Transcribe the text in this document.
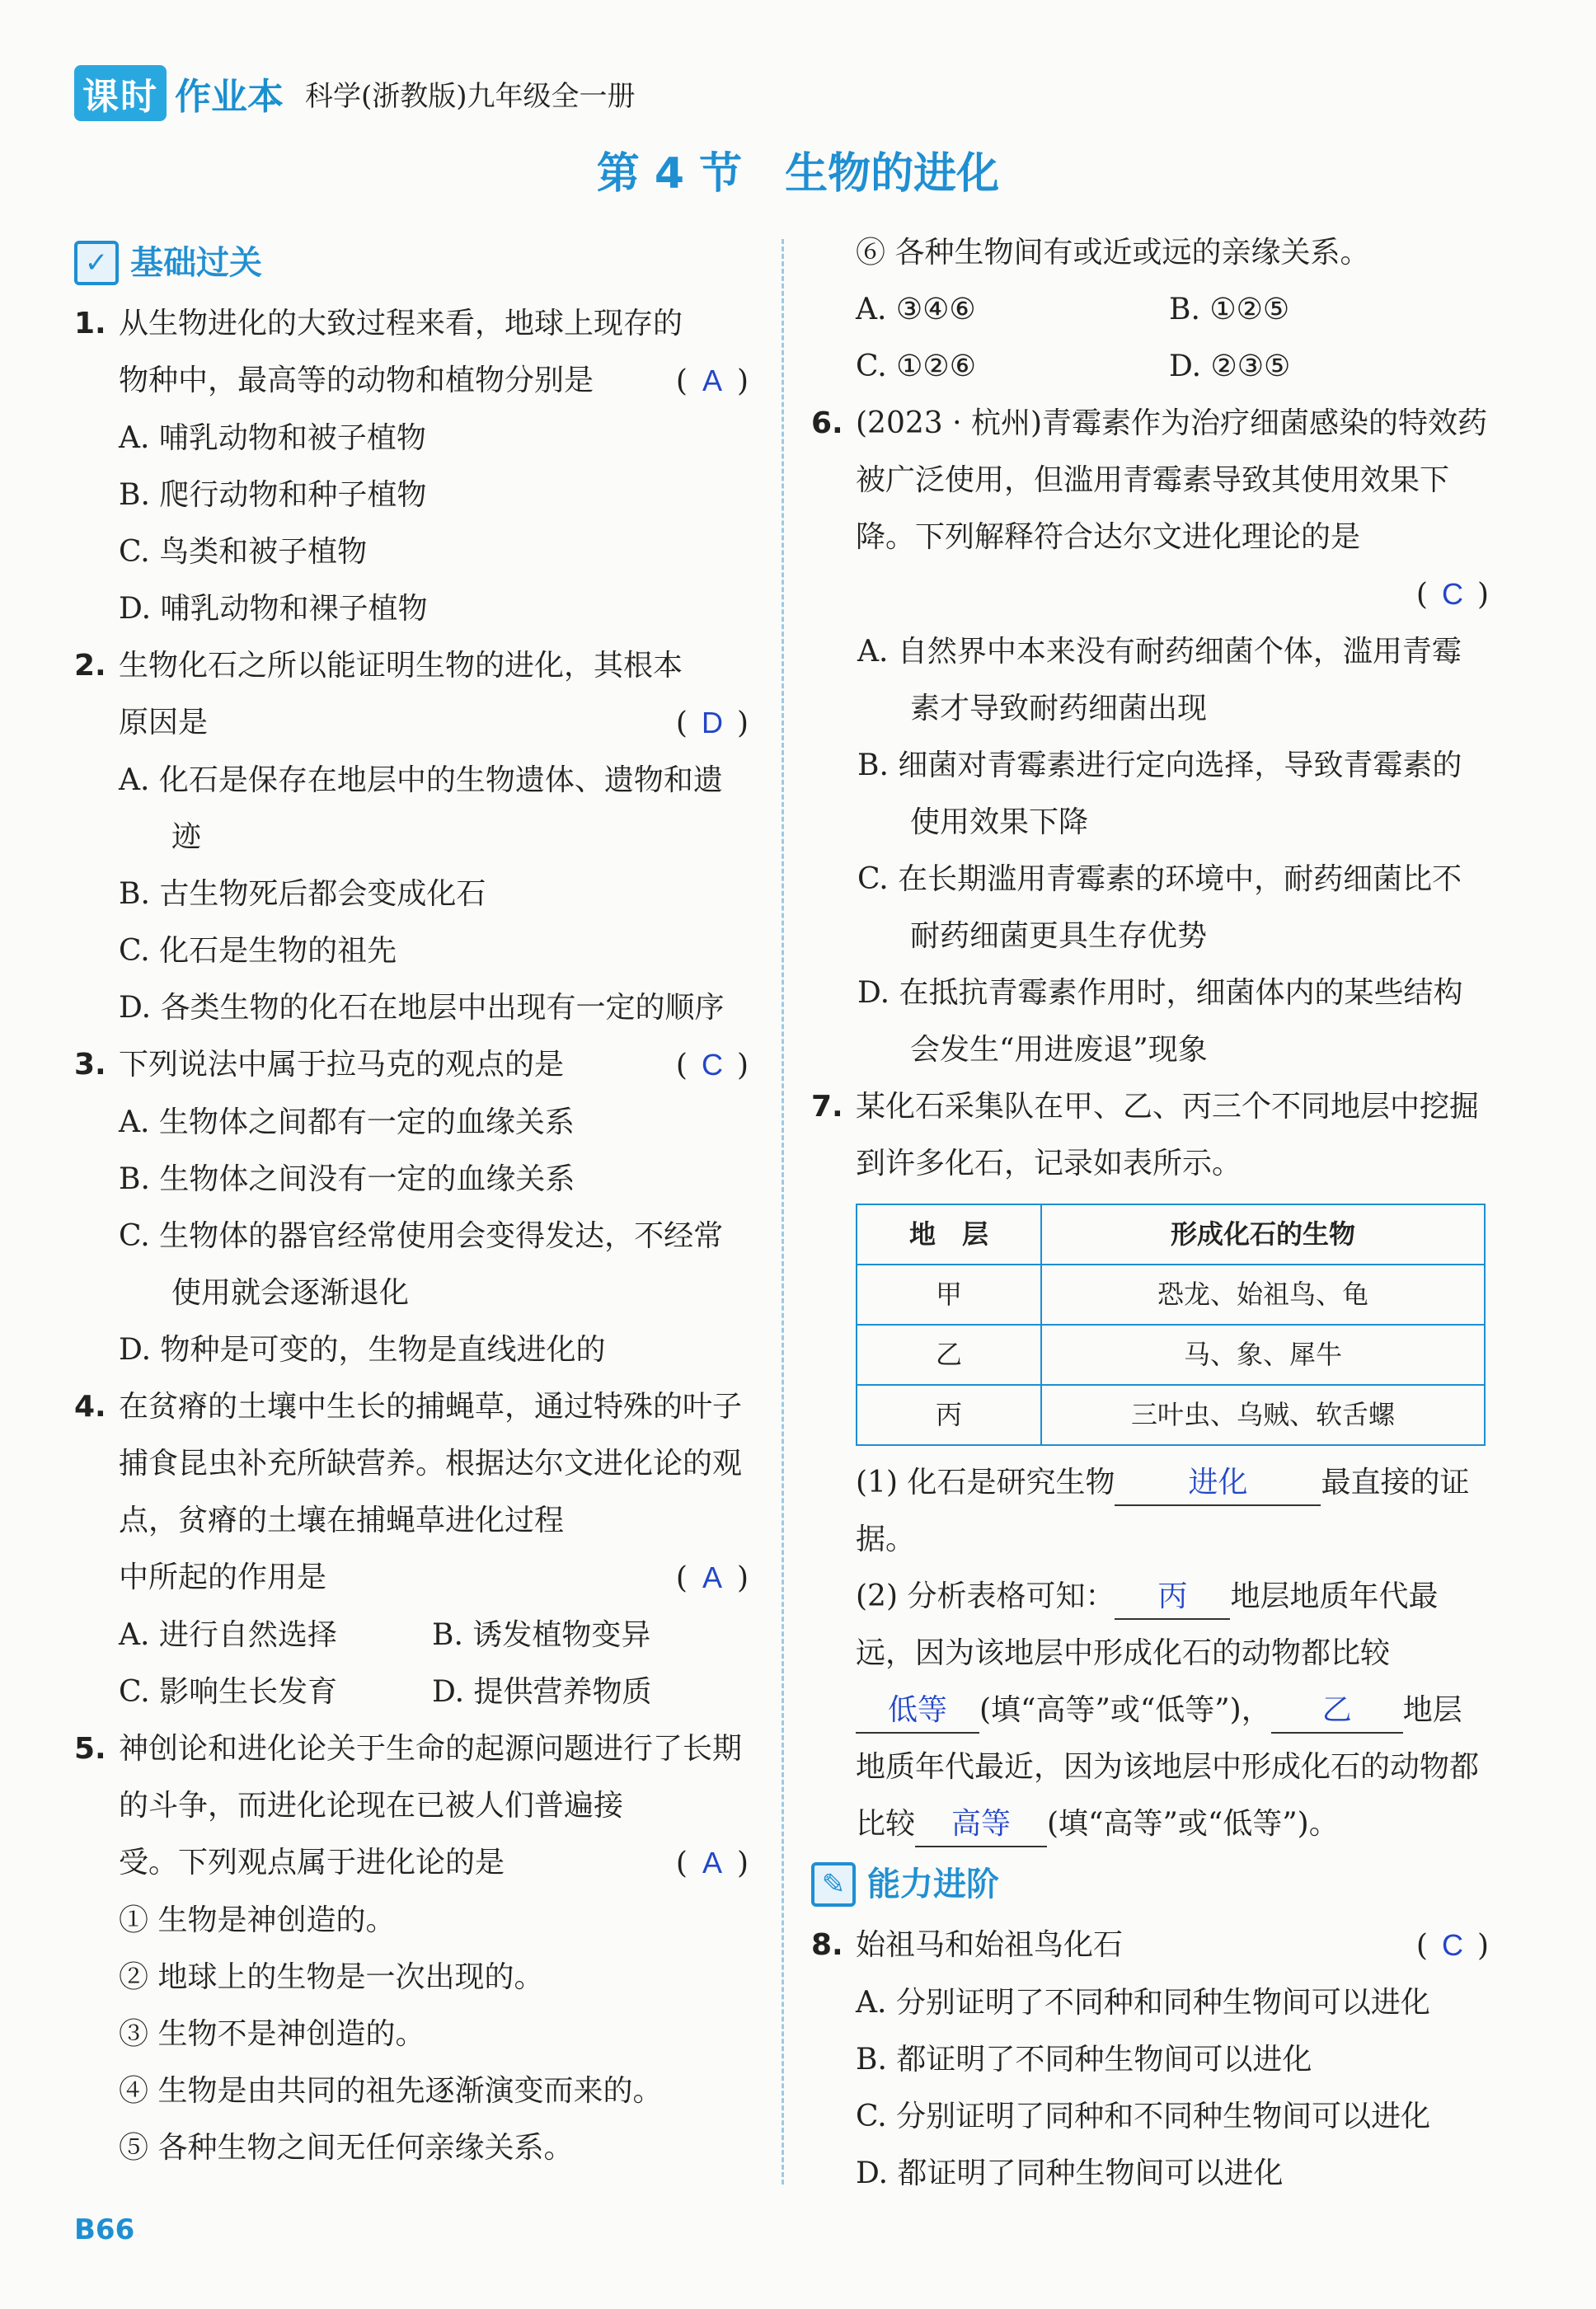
课时 作业本 科学(浙教版)九年级全一册
第 4 节　生物的进化
✓ 基础过关
1. 从生物进化的大致过程来看，地球上现存的
物种中，最高等的动物和植物分别是	( A )
A. 哺乳动物和被子植物
B. 爬行动物和种子植物
C. 鸟类和被子植物
D. 哺乳动物和裸子植物
2. 生物化石之所以能证明生物的进化，其根本
原因是	( D )
A. 化石是保存在地层中的生物遗体、遗物和遗迹
B. 古生物死后都会变成化石
C. 化石是生物的祖先
D. 各类生物的化石在地层中出现有一定的顺序
3. 下列说法中属于拉马克的观点的是	( C )
A. 生物体之间都有一定的血缘关系
B. 生物体之间没有一定的血缘关系
C. 生物体的器官经常使用会变得发达，不经常使用就会逐渐退化
D. 物种是可变的，生物是直线进化的
4. 在贫瘠的土壤中生长的捕蝇草，通过特殊的叶子捕食昆虫补充所缺营养。根据达尔文进化论的观点，贫瘠的土壤在捕蝇草进化过程
中所起的作用是	( A )
A. 进行自然选择	B. 诱发植物变异
C. 影响生长发育	D. 提供营养物质
5. 神创论和进化论关于生命的起源问题进行了长期的斗争，而进化论现在已被人们普遍接
受。下列观点属于进化论的是	( A )
① 生物是神创造的。
② 地球上的生物是一次出现的。
③ 生物不是神创造的。
④ 生物是由共同的祖先逐渐演变而来的。
⑤ 各种生物之间无任何亲缘关系。
⑥ 各种生物间有或近或远的亲缘关系。
A. ③④⑥	B. ①②⑤
C. ①②⑥	D. ②③⑤
6. (2023 · 杭州)青霉素作为治疗细菌感染的特效药被广泛使用，但滥用青霉素导致其使用效果下降。下列解释符合达尔文进化理论的是
( C )
A. 自然界中本来没有耐药细菌个体，滥用青霉素才导致耐药细菌出现
B. 细菌对青霉素进行定向选择，导致青霉素的使用效果下降
C. 在长期滥用青霉素的环境中，耐药细菌比不耐药细菌更具生存优势
D. 在抵抗青霉素作用时，细菌体内的某些结构会发生“用进废退”现象
7. 某化石采集队在甲、乙、丙三个不同地层中挖掘到许多化石，记录如表所示。
地　层	形成化石的生物
甲	恐龙、始祖鸟、龟
乙	马、象、犀牛
丙	三叶虫、乌贼、软舌螺
(1) 化石是研究生物 进化 最直接的证据。
(2) 分析表格可知： 丙 地层地质年代最远，因为该地层中形成化石的动物都比较低等 (填“高等”或“低等”)， 乙 地层地质年代最近，因为该地层中形成化石的动物都比较 高等 (填“高等”或“低等”)。
✎ 能力进阶
8. 始祖马和始祖鸟化石	( C )
A. 分别证明了不同种和同种生物间可以进化
B. 都证明了不同种生物间可以进化
C. 分别证明了同种和不同种生物间可以进化
D. 都证明了同种生物间可以进化
B66
